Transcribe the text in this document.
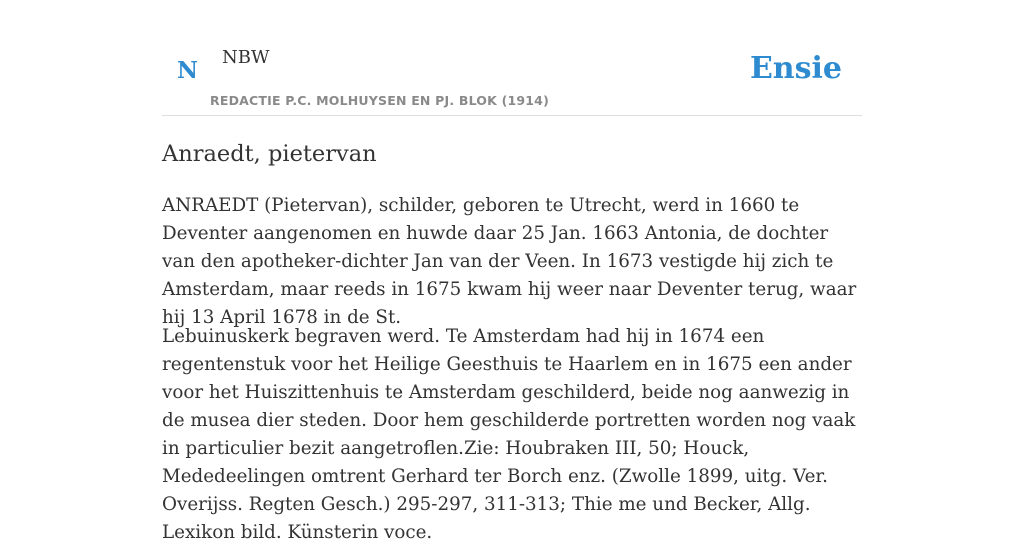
N NBW
REDACTIE P.C. MOLHUYSEN EN PJ. BLOK (1914)
Ensie
Anraedt, pietervan

ANRAEDT (Pietervan), schilder, geboren te Utrecht, werd in 1660 te Deventer aangenomen en huwde daar 25 Jan. 1663 Antonia, de dochter van den apotheker-dichter Jan van der Veen. In 1673 vestigde hij zich te Amsterdam, maar reeds in 1675 kwam hij weer naar Deventer terug, waar hij 13 April 1678 in de St.

Lebuinuskerk begraven werd. Te Amsterdam had hij in 1674 een regentenstuk voor het Heilige Geesthuis te Haarlem en in 1675 een ander voor het Huiszittenhuis te Amsterdam geschilderd, beide nog aanwezig in de musea dier steden. Door hem geschilderde portretten worden nog vaak in particulier bezit aangetroflen.Zie: Houbraken III, 50; Houck, Mededeelingen omtrent Gerhard ter Borch enz. (Zwolle 1899, uitg. Ver. Overijss. Regten Gesch.) 295-297, 311-313; Thie me und Becker, Allg. Lexikon bild. Künsterin voce.
